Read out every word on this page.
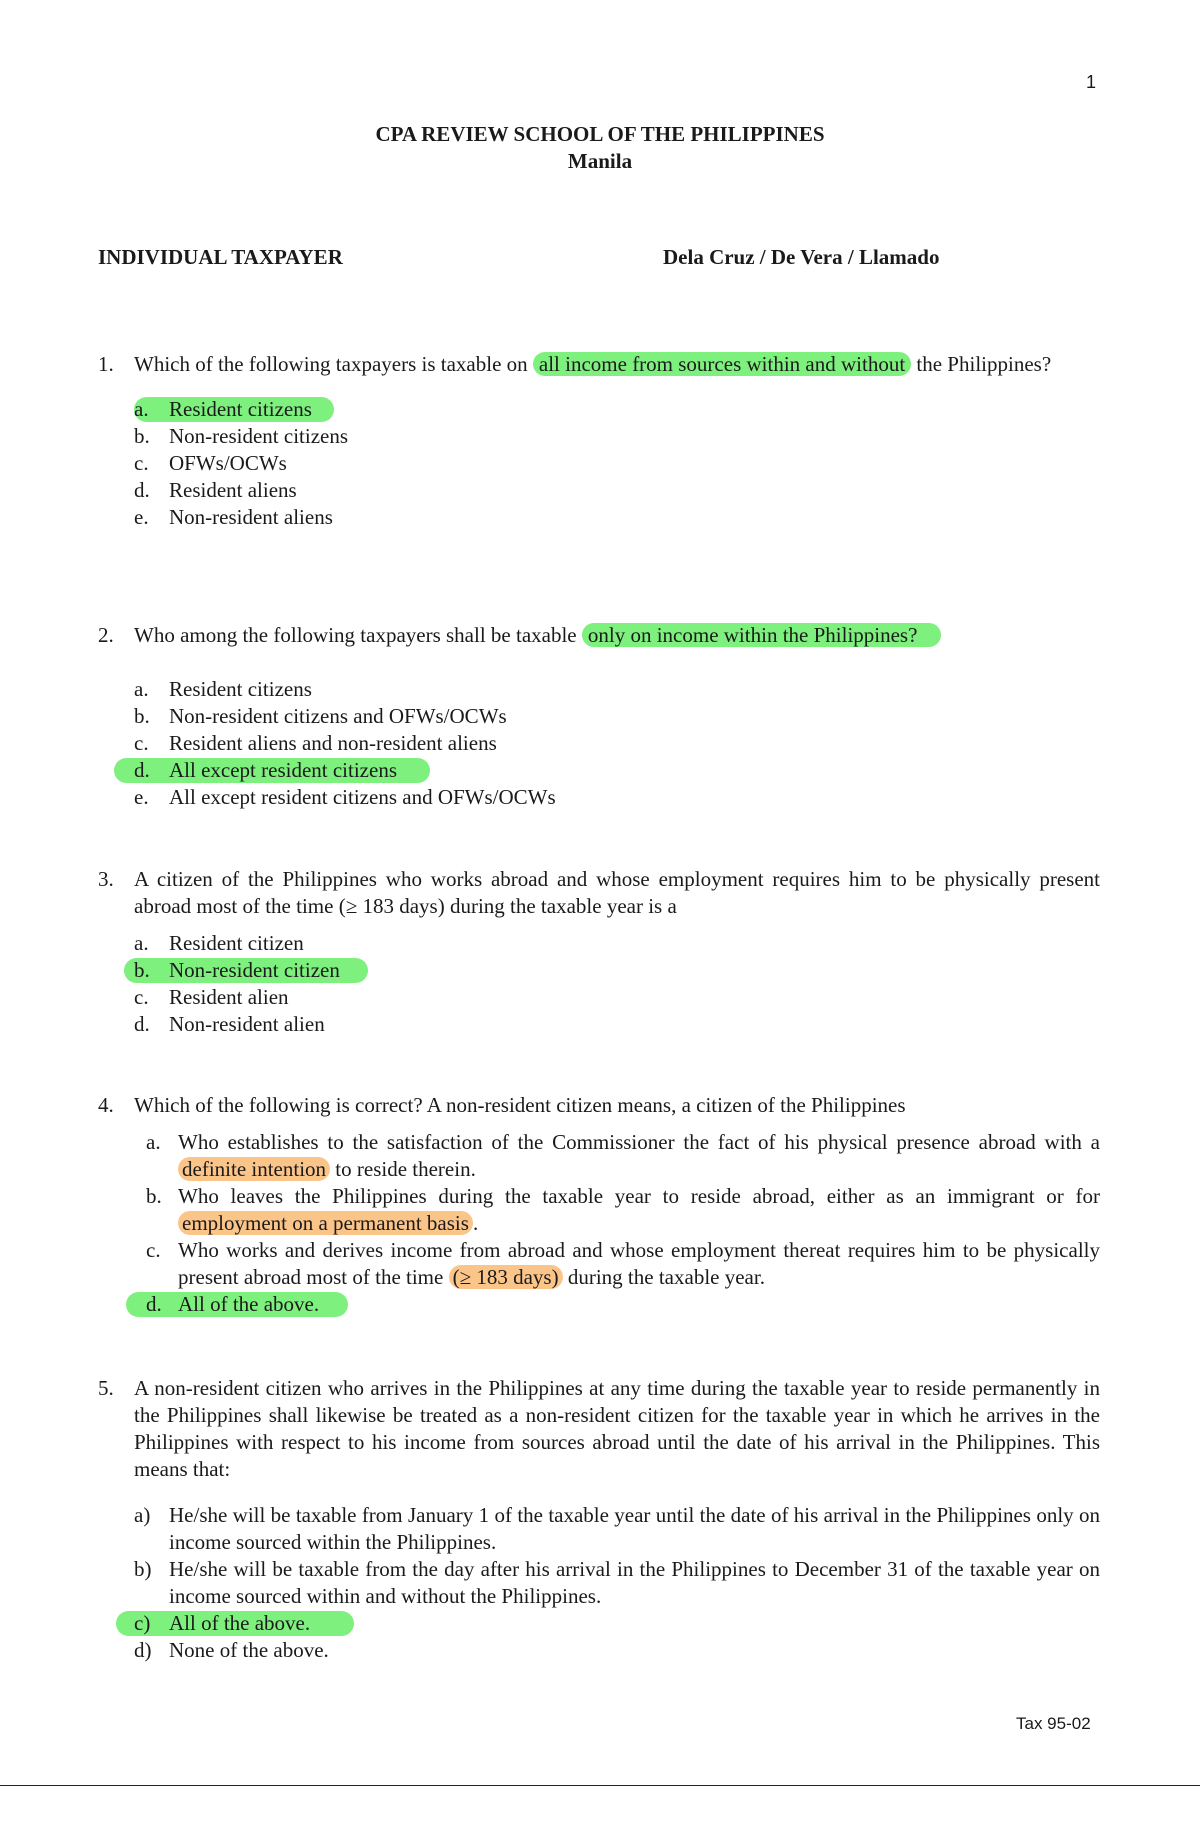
1
CPA REVIEW SCHOOL OF THE PHILIPPINES
Manila
INDIVIDUAL TAXPAYER	Dela Cruz / De Vera / Llamado
1. Which of the following taxpayers is taxable on all income from sources within and without the Philippines?
a. Resident citizens
b. Non-resident citizens
c. OFWs/OCWs
d. Resident aliens
e. Non-resident aliens
2. Who among the following taxpayers shall be taxable only on income within the Philippines?
a. Resident citizens
b. Non-resident citizens and OFWs/OCWs
c. Resident aliens and non-resident aliens
d. All except resident citizens
e. All except resident citizens and OFWs/OCWs
3. A citizen of the Philippines who works abroad and whose employment requires him to be physically present abroad most of the time (≥ 183 days) during the taxable year is a
a. Resident citizen
b. Non-resident citizen
c. Resident alien
d. Non-resident alien
4. Which of the following is correct? A non-resident citizen means, a citizen of the Philippines
a. Who establishes to the satisfaction of the Commissioner the fact of his physical presence abroad with a definite intention to reside therein.
b. Who leaves the Philippines during the taxable year to reside abroad, either as an immigrant or for employment on a permanent basis .
c. Who works and derives income from abroad and whose employment thereat requires him to be physically present abroad most of the time (≥ 183 days) during the taxable year.
d. All of the above.
5. A non-resident citizen who arrives in the Philippines at any time during the taxable year to reside permanently in the Philippines shall likewise be treated as a non-resident citizen for the taxable year in which he arrives in the Philippines with respect to his income from sources abroad until the date of his arrival in the Philippines. This means that:
a) He/she will be taxable from January 1 of the taxable year until the date of his arrival in the Philippines only on income sourced within the Philippines.
b) He/she will be taxable from the day after his arrival in the Philippines to December 31 of the taxable year on income sourced within and without the Philippines.
c) All of the above.
d) None of the above.
Tax 95-02
